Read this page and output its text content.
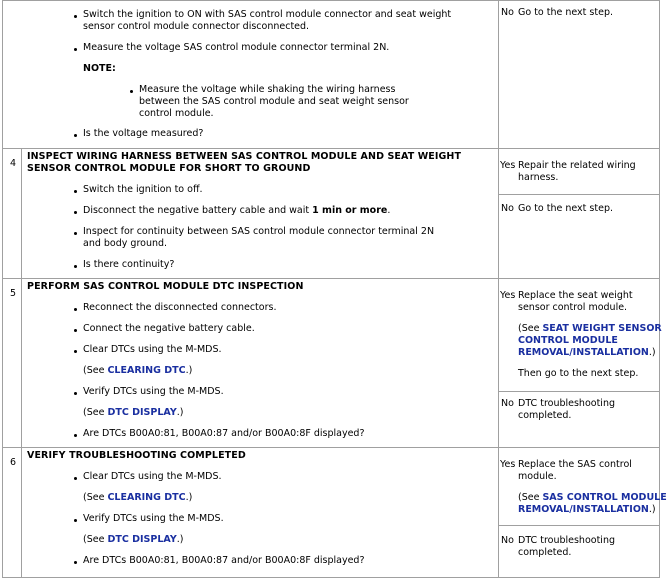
Switch the ignition to ON with SAS control module connector and seat weight
sensor control module connector disconnected.
Measure the voltage SAS control module connector terminal 2N.
NOTE:
Measure the voltage while shaking the wiring harness
between the SAS control module and seat weight sensor
control module.
Is the voltage measured?
No Go to the next step.
4
INSPECT WIRING HARNESS BETWEEN SAS CONTROL MODULE AND SEAT WEIGHT
SENSOR CONTROL MODULE FOR SHORT TO GROUND
Switch the ignition to off.
Disconnect the negative battery cable and wait 1 min or more.
Inspect for continuity between SAS control module connector terminal 2N
and body ground.
Is there continuity?
Yes Repair the related wiring
harness.
No Go to the next step.
5
PERFORM SAS CONTROL MODULE DTC INSPECTION
Reconnect the disconnected connectors.
Connect the negative battery cable.
Clear DTCs using the M-MDS.
(See CLEARING DTC.)
Verify DTCs using the M-MDS.
(See DTC DISPLAY.)
Are DTCs B00A0:81, B00A0:87 and/or B00A0:8F displayed?
Yes Replace the seat weight
sensor control module.
(See SEAT WEIGHT SENSOR
CONTROL MODULE
REMOVAL/INSTALLATION.)
Then go to the next step.
No DTC troubleshooting
completed.
6
VERIFY TROUBLESHOOTING COMPLETED
Clear DTCs using the M-MDS.
(See CLEARING DTC.)
Verify DTCs using the M-MDS.
(See DTC DISPLAY.)
Are DTCs B00A0:81, B00A0:87 and/or B00A0:8F displayed?
Yes Replace the SAS control
module.
(See SAS CONTROL MODULE
REMOVAL/INSTALLATION.)
No DTC troubleshooting
completed.
